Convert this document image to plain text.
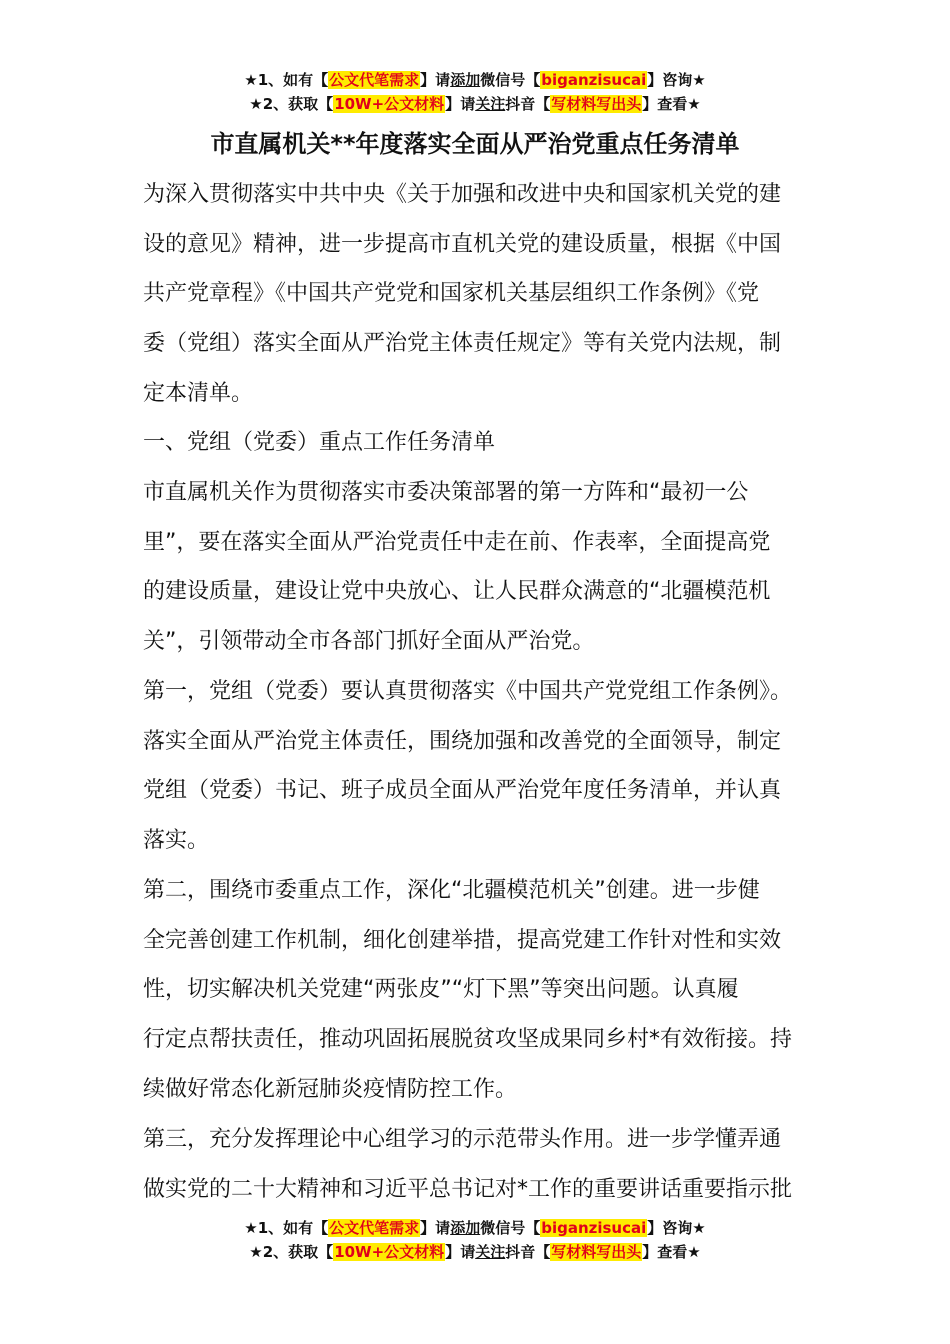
★1、如有【公文代笔需求】请添加微信号【biganzisucai】咨询★
★2、获取【10W+公文材料】请关注抖音【写材料写出头】查看★
市直属机关**年度落实全面从严治党重点任务清单

为深入贯彻落实中共中央《关于加强和改进中央和国家机关党的建
设的意见》精神，进一步提高市直机关党的建设质量，根据《中国
共产党章程》《中国共产党党和国家机关基层组织工作条例》《党
委（党组）落实全面从严治党主体责任规定》等有关党内法规，制
定本清单。

一、党组（党委）重点工作任务清单

市直属机关作为贯彻落实市委决策部署的第一方阵和“最初一公
里”，要在落实全面从严治党责任中走在前、作表率，全面提高党
的建设质量，建设让党中央放心、让人民群众满意的“北疆模范机
关”，引领带动全市各部门抓好全面从严治党。

第一，党组（党委）要认真贯彻落实《中国共产党党组工作条例》。
落实全面从严治党主体责任，围绕加强和改善党的全面领导，制定
党组（党委）书记、班子成员全面从严治党年度任务清单，并认真
落实。

第二，围绕市委重点工作，深化“北疆模范机关”创建。进一步健
全完善创建工作机制，细化创建举措，提高党建工作针对性和实效
性，切实解决机关党建“两张皮”“灯下黑”等突出问题。认真履
行定点帮扶责任，推动巩固拓展脱贫攻坚成果同乡村*有效衔接。持
续做好常态化新冠肺炎疫情防控工作。

第三，充分发挥理论中心组学习的示范带头作用。进一步学懂弄通
做实党的二十大精神和习近平总书记对*工作的重要讲话重要指示批

★1、如有【公文代笔需求】请添加微信号【biganzisucai】咨询★
★2、获取【10W+公文材料】请关注抖音【写材料写出头】查看★
